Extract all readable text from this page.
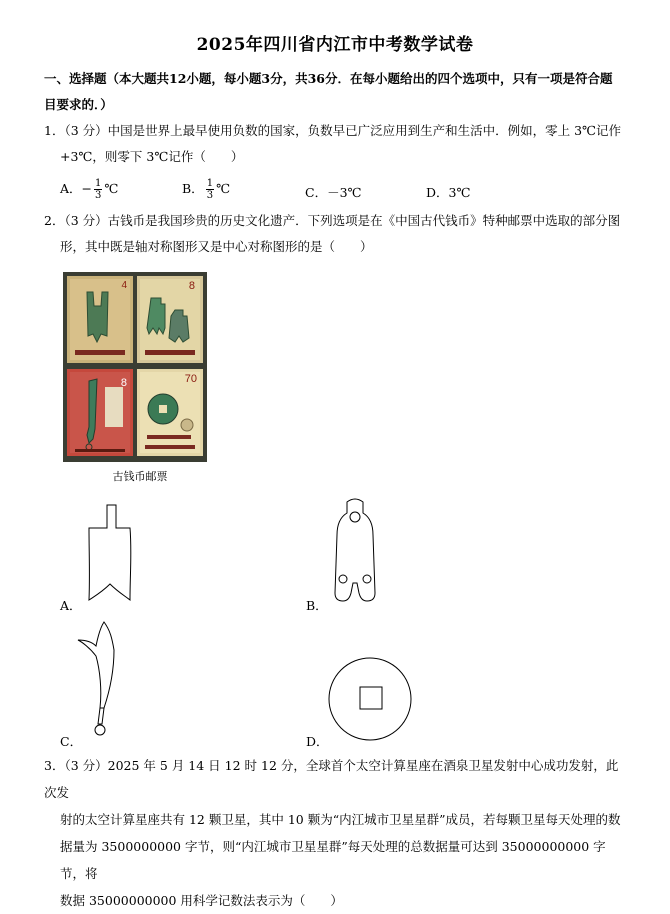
2025年四川省内江市中考数学试卷
一、选择题（本大题共12小题，每小题3分，共36分．在每小题给出的四个选项中，只有一项是符合题
目要求的．）
1．（3 分）中国是世界上最早使用负数的国家，负数早已广泛应用到生产和生活中．例如，零上 3℃记作
+3℃，则零下 3℃记作（　　）
A．− $\frac{1}{3}$ ℃	B． $\frac{1}{3}$ ℃	C．－3℃	D．3℃
2．（3 分）古钱币是我国珍贵的历史文化遗产．下列选项是在《中国古代钱币》特种邮票中选取的部分图
形，其中既是轴对称图形又是中心对称图形的是（　　）
4	8
8	70
古钱币邮票
A．	B．
C．	D．
3．（3 分）2025 年 5 月 14 日 12 时 12 分，全球首个太空计算星座在酒泉卫星发射中心成功发射，此次发
射的太空计算星座共有 12 颗卫星，其中 10 颗为“内江城市卫星星群”成员，若每颗卫星每天处理的数
据量为 3500000000 字节，则“内江城市卫星星群”每天处理的总数据量可达到 35000000000 字节，将
数据 35000000000 用科学记数法表示为（　　）
